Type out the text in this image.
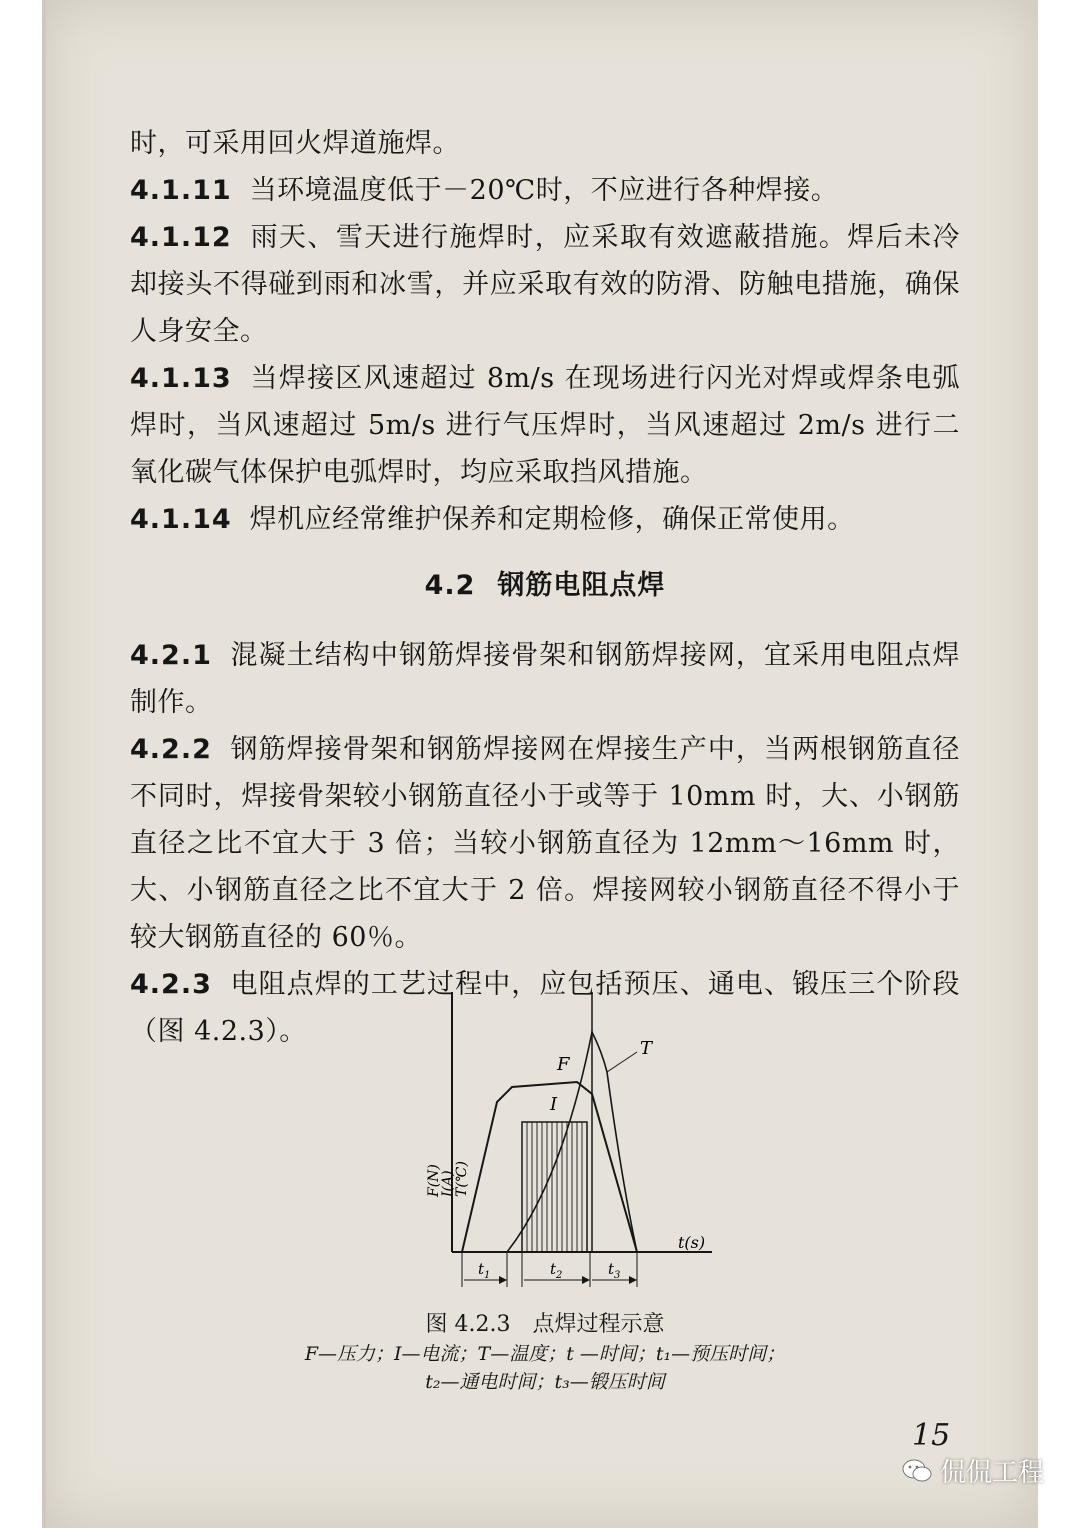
时，可采用回火焊道施焊。

4.1.11 当环境温度低于－20℃时，不应进行各种焊接。

4.1.12 雨天、雪天进行施焊时，应采取有效遮蔽措施。焊后未冷却接头不得碰到雨和冰雪，并应采取有效的防滑、防触电措施，确保人身安全。

4.1.13 当焊接区风速超过 8m/s 在现场进行闪光对焊或焊条电弧焊时，当风速超过 5m/s 进行气压焊时，当风速超过 2m/s 进行二氧化碳气体保护电弧焊时，均应采取挡风措施。

4.1.14 焊机应经常维护保养和定期检修，确保正常使用。

4.2 钢筋电阻点焊

4.2.1 混凝土结构中钢筋焊接骨架和钢筋焊接网，宜采用电阻点焊制作。

4.2.2 钢筋焊接骨架和钢筋焊接网在焊接生产中，当两根钢筋直径不同时，焊接骨架较小钢筋直径小于或等于 10mm 时，大、小钢筋直径之比不宜大于 3 倍；当较小钢筋直径为 12mm～16mm 时，大、小钢筋直径之比不宜大于 2 倍。焊接网较小钢筋直径不得小于较大钢筋直径的 60％。

4.2.3 电阻点焊的工艺过程中，应包括预压、通电、锻压三个阶段（图 4.2.3）。

F
T
I
t(s)
F(N)
I(A)
T(℃)
$t_1$	$t_2$	$t_3$
图 4.2.3 点焊过程示意
F—压力；I—电流；T—温度；t —时间；t₁—预压时间；
t₂—通电时间；t₃—锻压时间
15
侃侃工程
